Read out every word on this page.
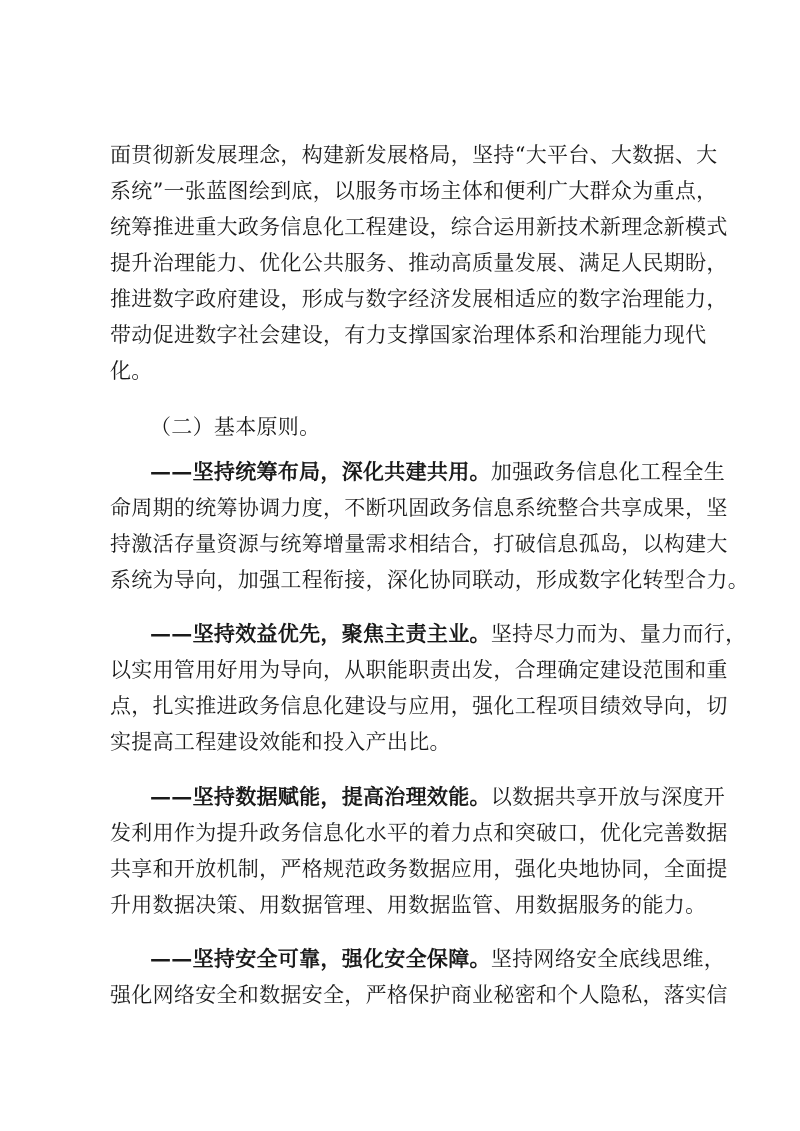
面贯彻新发展理念，构建新发展格局，坚持“大平台、大数据、大
系统”一张蓝图绘到底，以服务市场主体和便利广大群众为重点，
统筹推进重大政务信息化工程建设，综合运用新技术新理念新模式
提升治理能力、优化公共服务、推动高质量发展、满足人民期盼，
推进数字政府建设，形成与数字经济发展相适应的数字治理能力，
带动促进数字社会建设，有力支撑国家治理体系和治理能力现代
化。
（二）基本原则。
——坚持统筹布局，深化共建共用。加强政务信息化工程全生
命周期的统筹协调力度，不断巩固政务信息系统整合共享成果，坚
持激活存量资源与统筹增量需求相结合，打破信息孤岛，以构建大
系统为导向，加强工程衔接，深化协同联动，形成数字化转型合力。
——坚持效益优先，聚焦主责主业。坚持尽力而为、量力而行，
以实用管用好用为导向，从职能职责出发，合理确定建设范围和重
点，扎实推进政务信息化建设与应用，强化工程项目绩效导向，切
实提高工程建设效能和投入产出比。
——坚持数据赋能，提高治理效能。以数据共享开放与深度开
发利用作为提升政务信息化水平的着力点和突破口，优化完善数据
共享和开放机制，严格规范政务数据应用，强化央地协同，全面提
升用数据决策、用数据管理、用数据监管、用数据服务的能力。
——坚持安全可靠，强化安全保障。坚持网络安全底线思维，
强化网络安全和数据安全，严格保护商业秘密和个人隐私，落实信
